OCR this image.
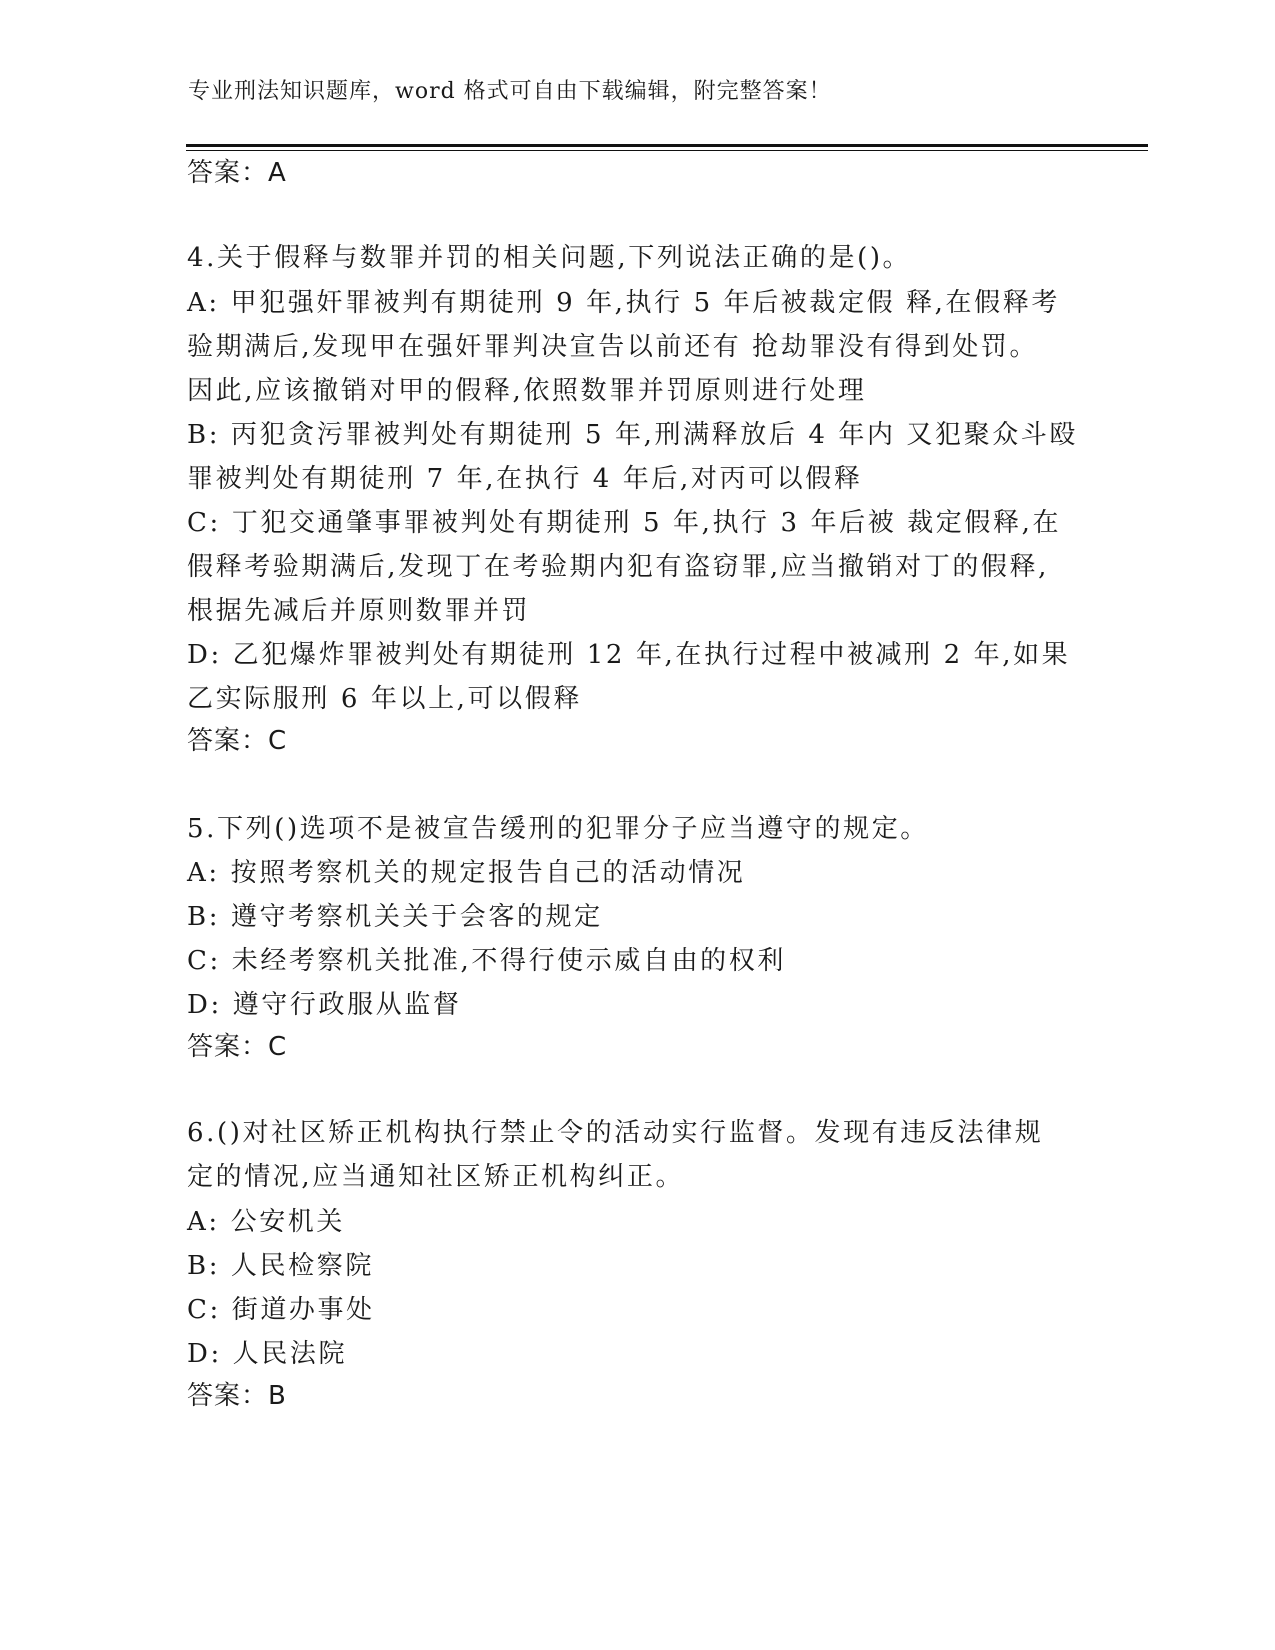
专业刑法知识题库，word 格式可自由下载编辑，附完整答案！
答案：A
4.关于假释与数罪并罚的相关问题,下列说法正确的是()。
A: 甲犯强奸罪被判有期徒刑 9 年,执行 5 年后被裁定假 释,在假释考
验期满后,发现甲在强奸罪判决宣告以前还有 抢劫罪没有得到处罚。
因此,应该撤销对甲的假释,依照数罪并罚原则进行处理
B: 丙犯贪污罪被判处有期徒刑 5 年,刑满释放后 4 年内 又犯聚众斗殴
罪被判处有期徒刑 7 年,在执行 4 年后,对丙可以假释
C: 丁犯交通肇事罪被判处有期徒刑 5 年,执行 3 年后被 裁定假释,在
假释考验期满后,发现丁在考验期内犯有盗窃罪,应当撤销对丁的假释,
根据先减后并原则数罪并罚
D: 乙犯爆炸罪被判处有期徒刑 12 年,在执行过程中被减刑 2 年,如果
乙实际服刑 6 年以上,可以假释
答案：C
5.下列()选项不是被宣告缓刑的犯罪分子应当遵守的规定。
A: 按照考察机关的规定报告自己的活动情况
B: 遵守考察机关关于会客的规定
C: 未经考察机关批准,不得行使示威自由的权利
D: 遵守行政服从监督
答案：C
6.()对社区矫正机构执行禁止令的活动实行监督。发现有违反法律规
定的情况,应当通知社区矫正机构纠正。
A: 公安机关
B: 人民检察院
C: 街道办事处
D: 人民法院
答案：B
